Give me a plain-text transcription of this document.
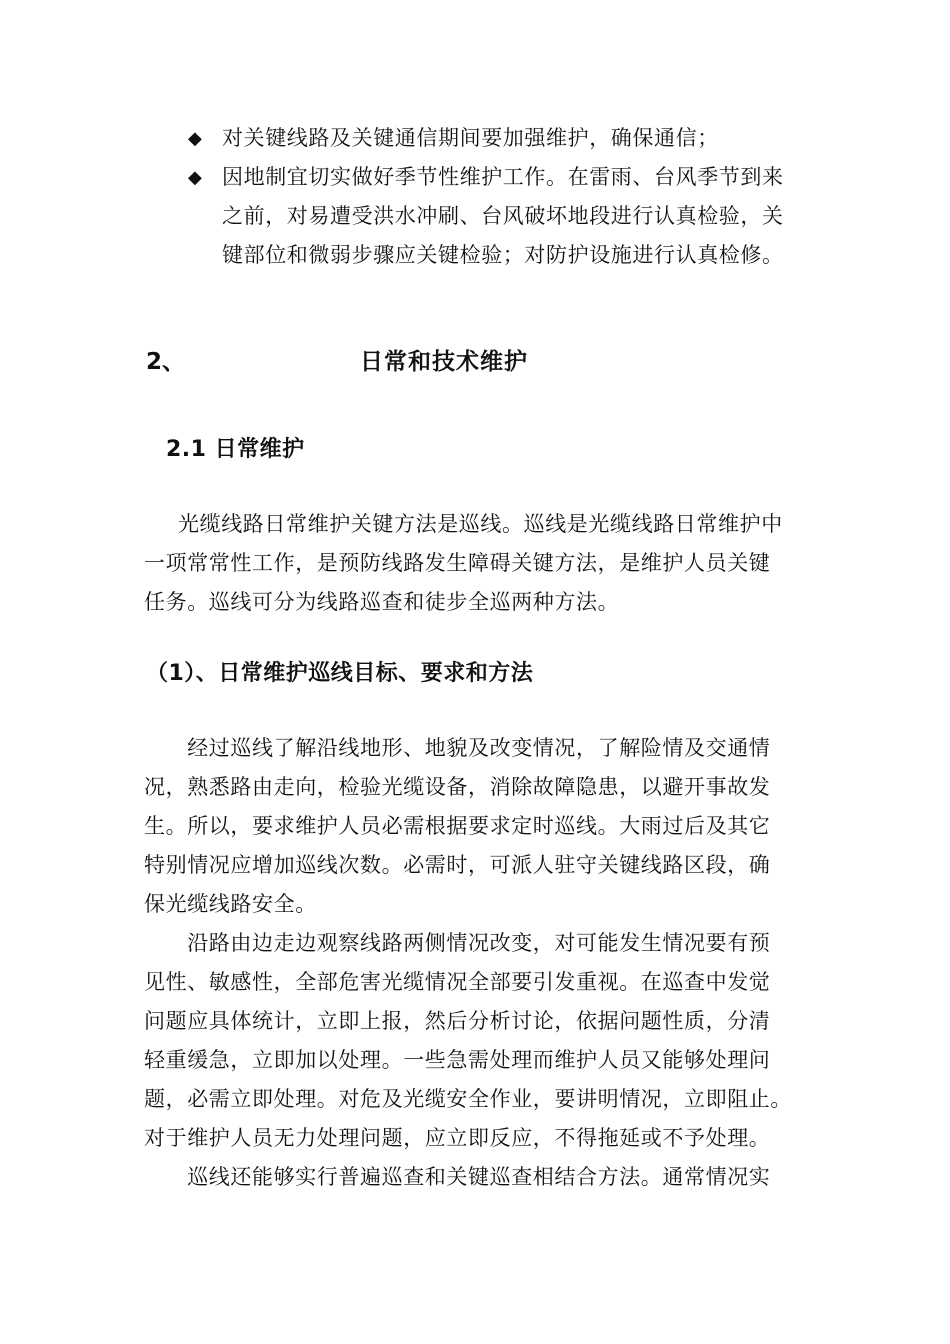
◆ 对关键线路及关键通信期间要加强维护，确保通信；
◆ 因地制宜切实做好季节性维护工作。在雷雨、台风季节到来
之前，对易遭受洪水冲刷、台风破坏地段进行认真检验，关
键部位和微弱步骤应关键检验；对防护设施进行认真检修。
2、	日常和技术维护
2.1 日常维护

光缆线路日常维护关键方法是巡线。巡线是光缆线路日常维护中
一项常常性工作，是预防线路发生障碍关键方法，是维护人员关键
任务。巡线可分为线路巡查和徒步全巡两种方法。

（1）、日常维护巡线目标、要求和方法

　　经过巡线了解沿线地形、地貌及改变情况，了解险情及交通情
况，熟悉路由走向，检验光缆设备，消除故障隐患，以避开事故发
生。所以，要求维护人员必需根据要求定时巡线。大雨过后及其它
特别情况应增加巡线次数。必需时，可派人驻守关键线路区段，确
保光缆线路安全。
　　沿路由边走边观察线路两侧情况改变，对可能发生情况要有预
见性、敏感性，全部危害光缆情况全部要引发重视。在巡查中发觉
问题应具体统计，立即上报，然后分析讨论，依据问题性质，分清
轻重缓急，立即加以处理。一些急需处理而维护人员又能够处理问
题，必需立即处理。对危及光缆安全作业，要讲明情况，立即阻止。
对于维护人员无力处理问题，应立即反应，不得拖延或不予处理。
　　巡线还能够实行普遍巡查和关键巡查相结合方法。通常情况实
